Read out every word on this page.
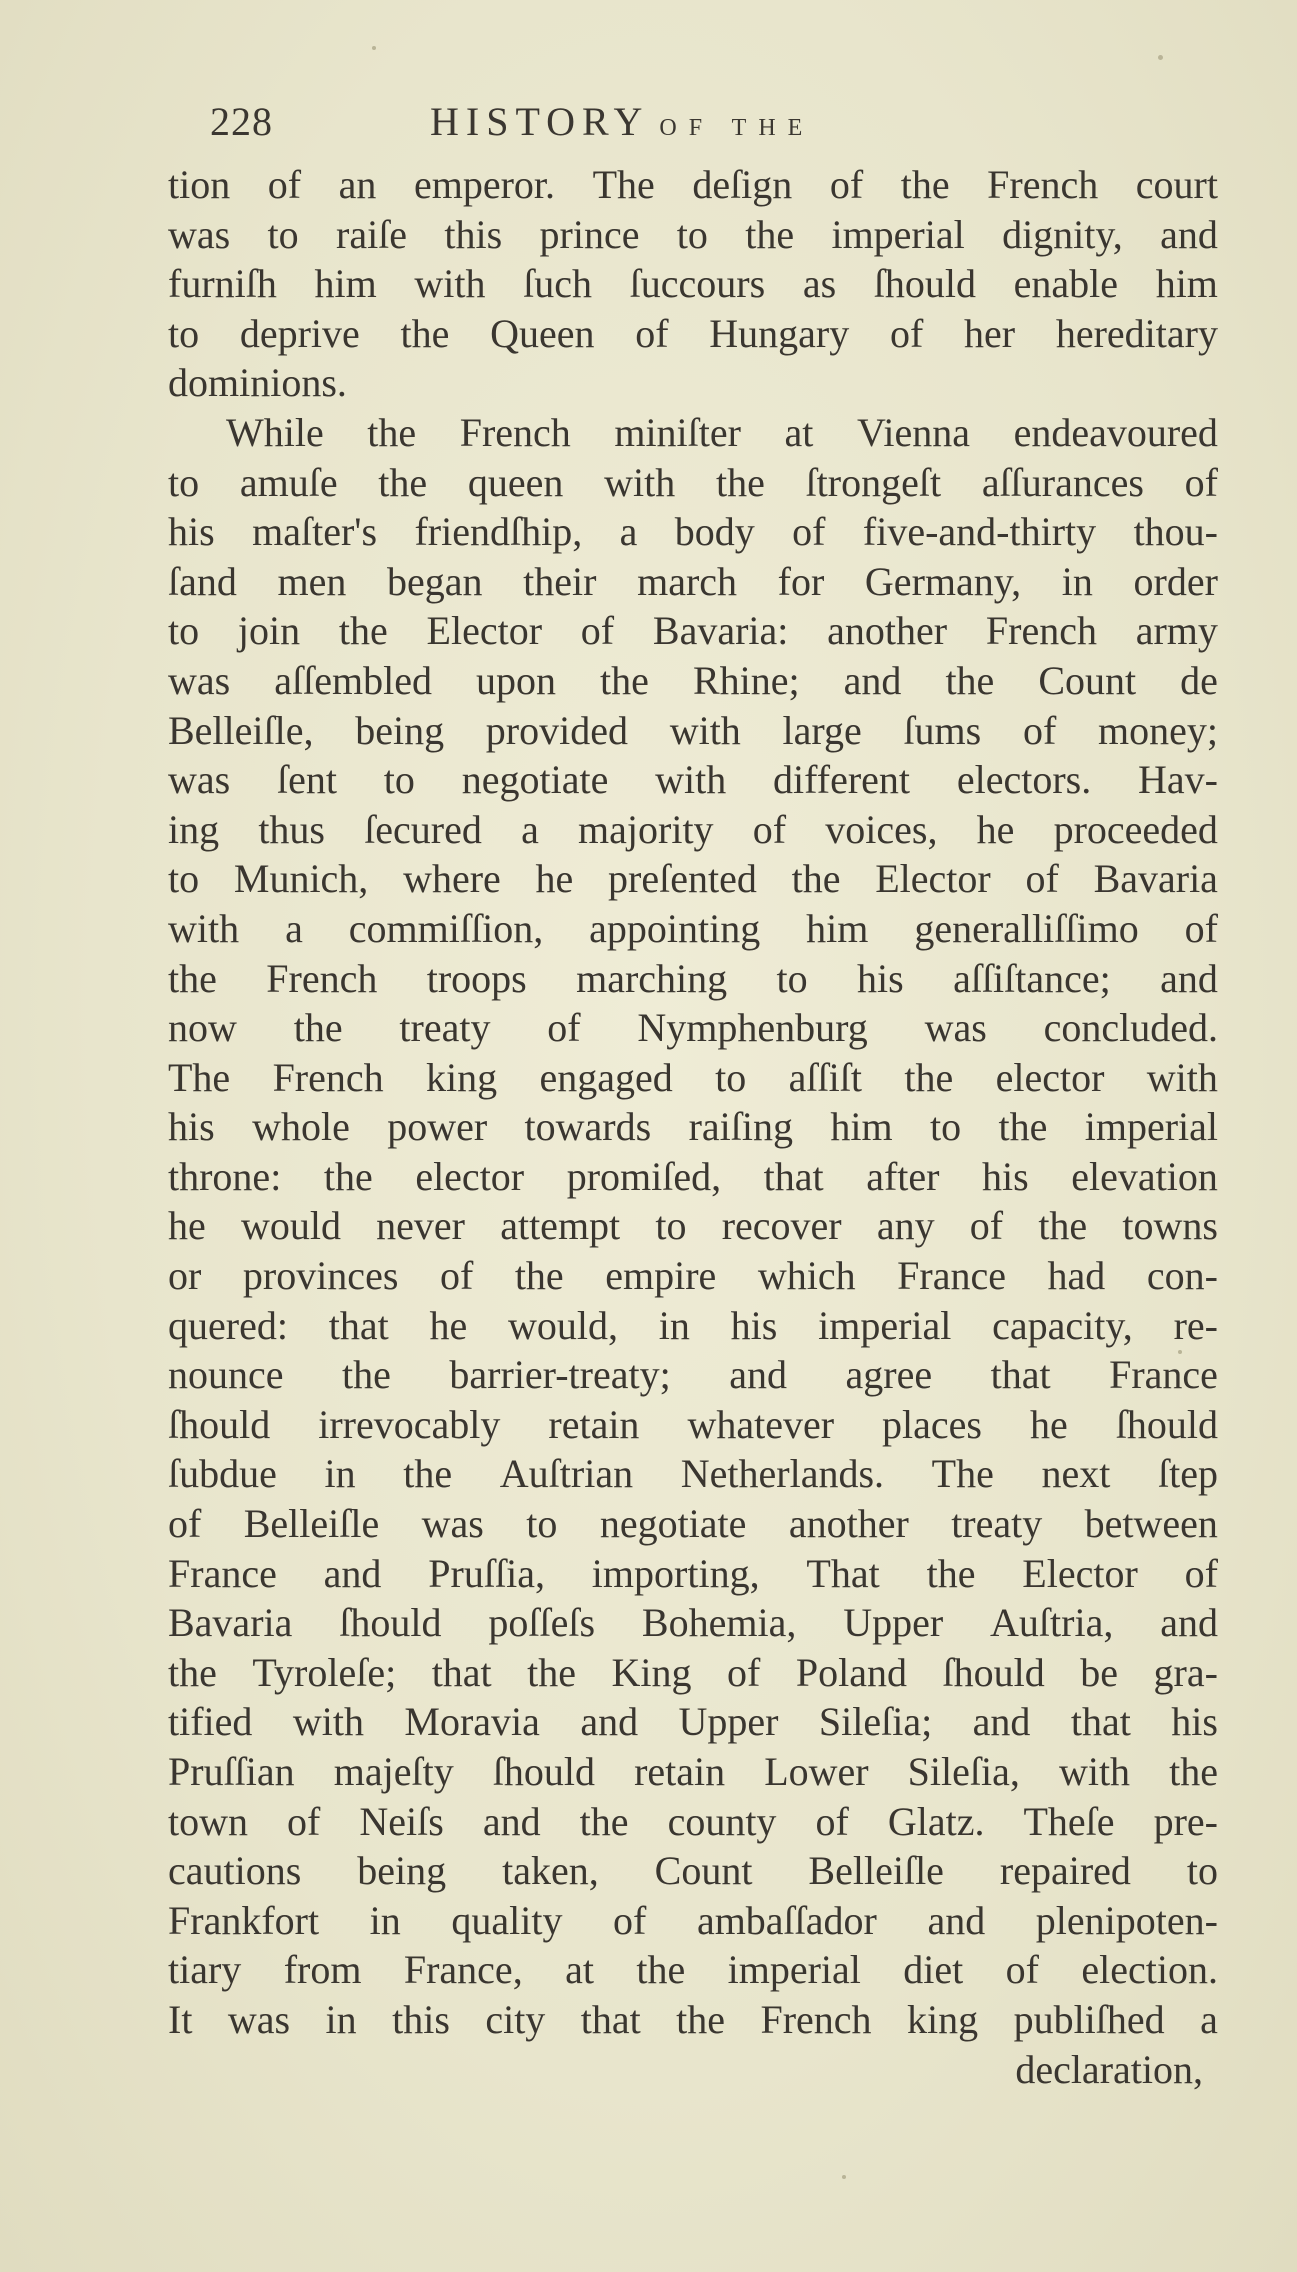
228	HISTORY OF THE
tion of an emperor. The deſign of the French court
was to raiſe this prince to the imperial dignity, and
furniſh him with ſuch ſuccours as ſhould enable him
to deprive the Queen of Hungary of her hereditary
dominions.
While the French miniſter at Vienna endeavoured
to amuſe the queen with the ſtrongeſt aſſurances of
his maſter's friendſhip, a body of five-and-thirty thou-
ſand men began their march for Germany, in order
to join the Elector of Bavaria: another French army
was aſſembled upon the Rhine; and the Count de
Belleiſle, being provided with large ſums of money;
was ſent to negotiate with different electors. Hav-
ing thus ſecured a majority of voices, he proceeded
to Munich, where he preſented the Elector of Bavaria
with a commiſſion, appointing him generalliſſimo of
the French troops marching to his aſſiſtance; and
now the treaty of Nymphenburg was concluded.
The French king engaged to aſſiſt the elector with
his whole power towards raiſing him to the imperial
throne: the elector promiſed, that after his elevation
he would never attempt to recover any of the towns
or provinces of the empire which France had con-
quered: that he would, in his imperial capacity, re-
nounce the barrier-treaty; and agree that France
ſhould irrevocably retain whatever places he ſhould
ſubdue in the Auſtrian Netherlands. The next ſtep
of Belleiſle was to negotiate another treaty between
France and Pruſſia, importing, That the Elector of
Bavaria ſhould poſſeſs Bohemia, Upper Auſtria, and
the Tyroleſe; that the King of Poland ſhould be gra-
tified with Moravia and Upper Sileſia; and that his
Pruſſian majeſty ſhould retain Lower Sileſia, with the
town of Neiſs and the county of Glatz. Theſe pre-
cautions being taken, Count Belleiſle repaired to
Frankfort in quality of ambaſſador and plenipoten-
tiary from France, at the imperial diet of election.
It was in this city that the French king publiſhed a
declaration,
